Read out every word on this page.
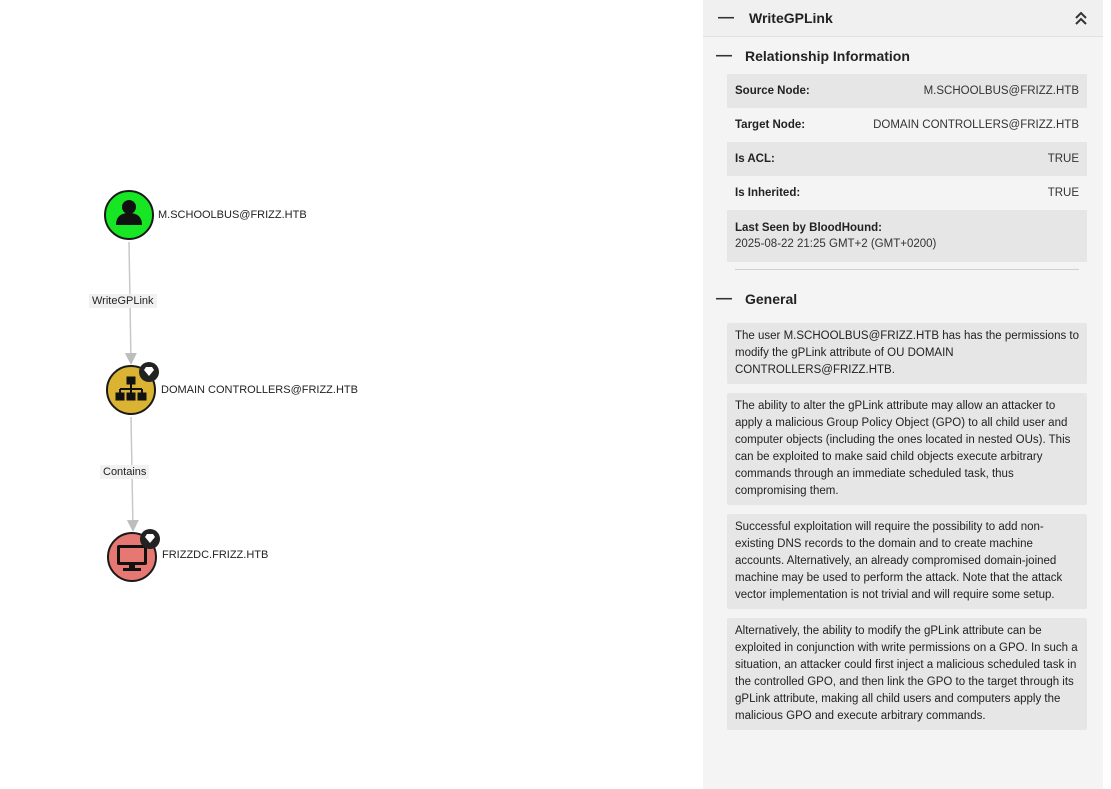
M.SCHOOLBUS@FRIZZ.HTB
DOMAIN CONTROLLERS@FRIZZ.HTB
FRIZZDC.FRIZZ.HTB
WriteGPLink
Contains
—	WriteGPLink
— Relationship Information
Source Node:	M.SCHOOLBUS@FRIZZ.HTB
Target Node:	DOMAIN CONTROLLERS@FRIZZ.HTB
Is ACL:	TRUE
Is Inherited:	TRUE
Last Seen by BloodHound:
2025-08-22 21:25 GMT+2 (GMT+0200)
— General
The user M.SCHOOLBUS@FRIZZ.HTB has has the permissions to modify the gPLink attribute of OU DOMAIN CONTROLLERS@FRIZZ.HTB.
The ability to alter the gPLink attribute may allow an attacker to apply a malicious Group Policy Object (GPO) to all child user and computer objects (including the ones located in nested OUs). This can be exploited to make said child objects execute arbitrary commands through an immediate scheduled task, thus compromising them.
Successful exploitation will require the possibility to add non-existing DNS records to the domain and to create machine accounts. Alternatively, an already compromised domain-joined machine may be used to perform the attack. Note that the attack vector implementation is not trivial and will require some setup.
Alternatively, the ability to modify the gPLink attribute can be exploited in conjunction with write permissions on a GPO. In such a situation, an attacker could first inject a malicious scheduled task in the controlled GPO, and then link the GPO to the target through its gPLink attribute, making all child users and computers apply the malicious GPO and execute arbitrary commands.
